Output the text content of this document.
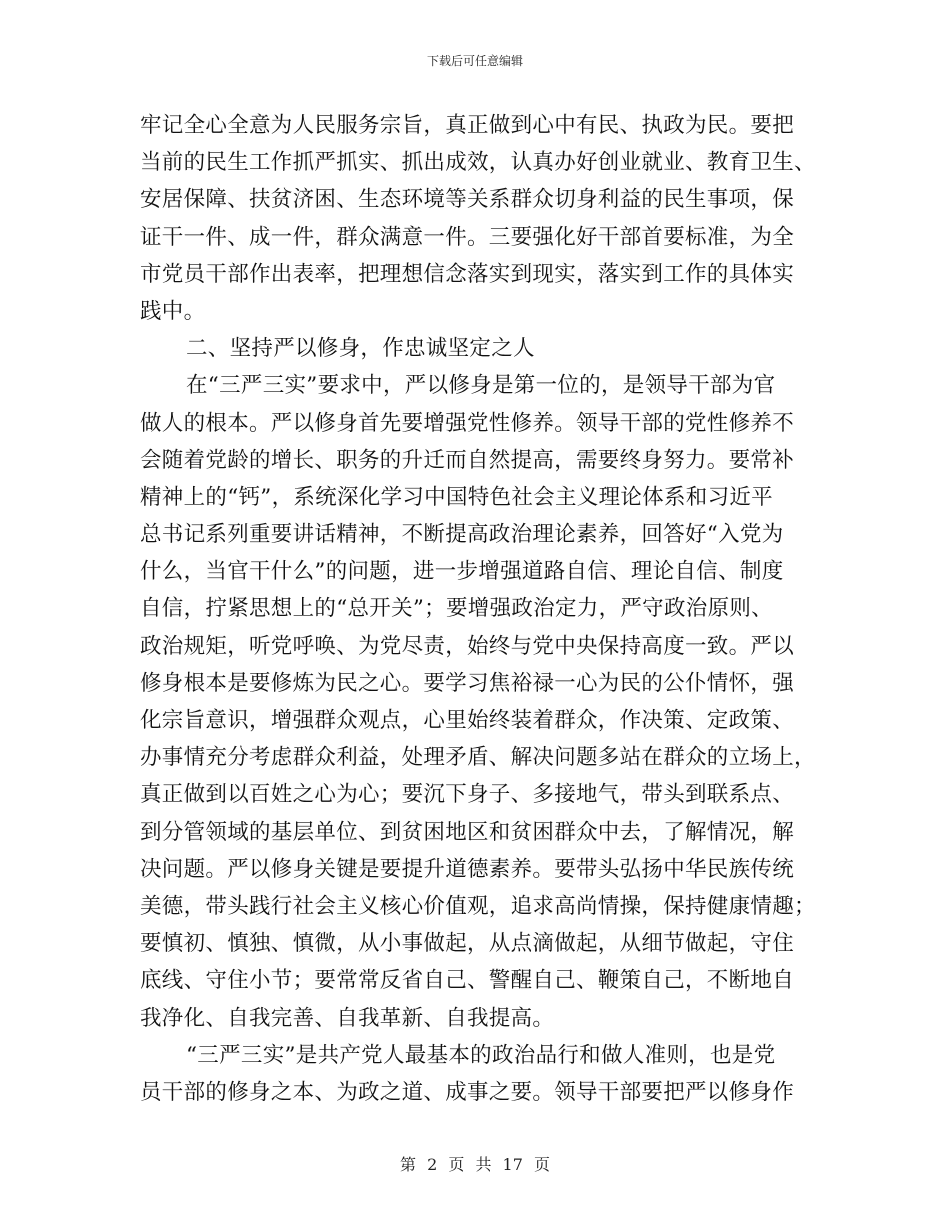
下载后可任意编辑
牢记全心全意为人民服务宗旨，真正做到心中有民、执政为民。要把
当前的民生工作抓严抓实、抓出成效，认真办好创业就业、教育卫生、
安居保障、扶贫济困、生态环境等关系群众切身利益的民生事项，保
证干一件、成一件，群众满意一件。三要强化好干部首要标准，为全
市党员干部作出表率，把理想信念落实到现实，落实到工作的具体实
践中。
二、坚持严以修身，作忠诚坚定之人
在“三严三实”要求中，严以修身是第一位的，是领导干部为官
做人的根本。严以修身首先要增强党性修养。领导干部的党性修养不
会随着党龄的增长、职务的升迁而自然提高，需要终身努力。要常补
精神上的“钙”，系统深化学习中国特色社会主义理论体系和习近平
总书记系列重要讲话精神，不断提高政治理论素养，回答好“入党为
什么，当官干什么”的问题，进一步增强道路自信、理论自信、制度
自信，拧紧思想上的“总开关”；要增强政治定力，严守政治原则、
政治规矩，听党呼唤、为党尽责，始终与党中央保持高度一致。严以
修身根本是要修炼为民之心。要学习焦裕禄一心为民的公仆情怀，强
化宗旨意识，增强群众观点，心里始终装着群众，作决策、定政策、
办事情充分考虑群众利益，处理矛盾、解决问题多站在群众的立场上，
真正做到以百姓之心为心；要沉下身子、多接地气，带头到联系点、
到分管领域的基层单位、到贫困地区和贫困群众中去，了解情况，解
决问题。严以修身关键是要提升道德素养。要带头弘扬中华民族传统
美德，带头践行社会主义核心价值观，追求高尚情操，保持健康情趣；
要慎初、慎独、慎微，从小事做起，从点滴做起，从细节做起，守住
底线、守住小节；要常常反省自己、警醒自己、鞭策自己，不断地自
我净化、自我完善、自我革新、自我提高。
“三严三实”是共产党人最基本的政治品行和做人准则，也是党
员干部的修身之本、为政之道、成事之要。领导干部要把严以修身作
第 2 页 共 17 页
